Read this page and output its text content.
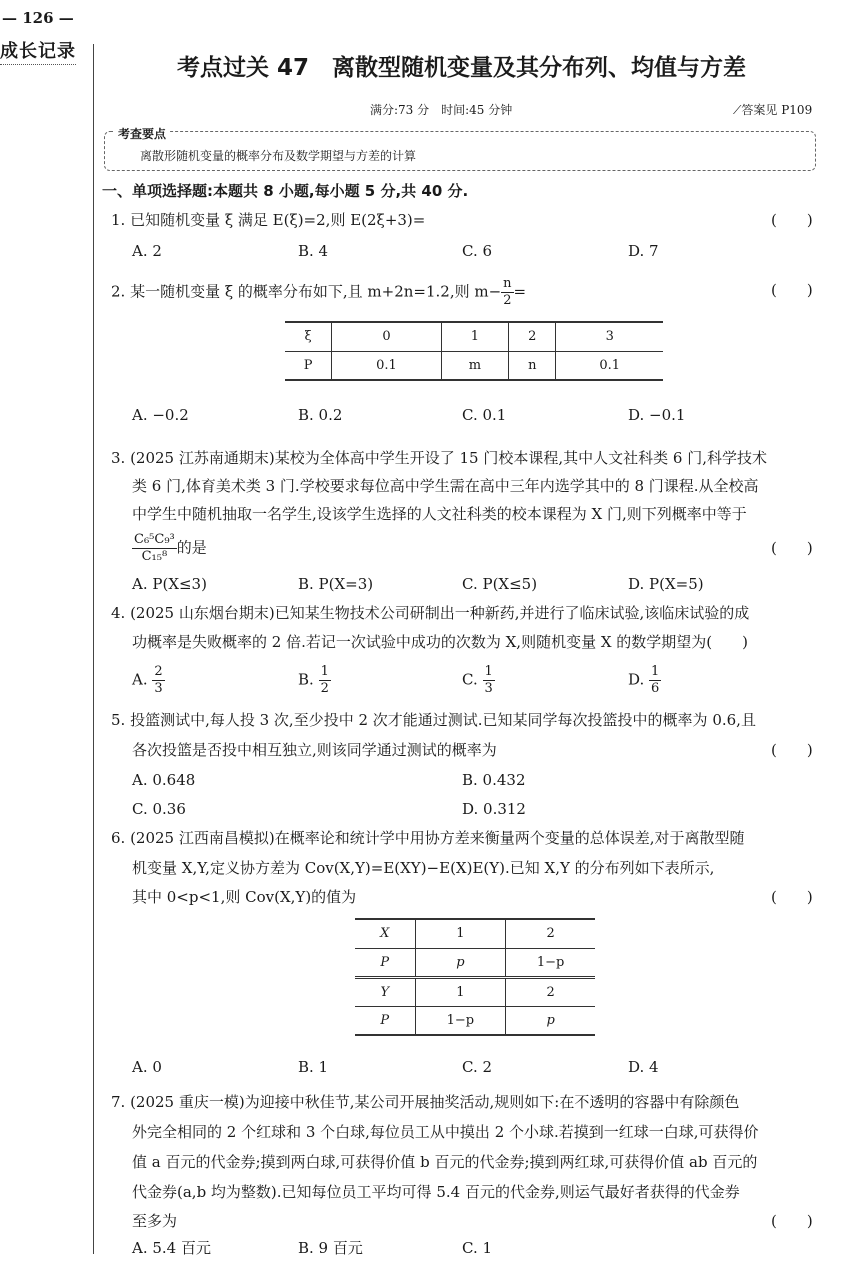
— 126 —
成长记录
考点过关 47　离散型随机变量及其分布列、均值与方差
满分:73 分　时间:45 分钟	⟋答案见 P109
考查要点
离散形随机变量的概率分布及数学期望与方差的计算
一、单项选择题:本题共 8 小题,每小题 5 分,共 40 分.
1. 已知随机变量 ξ 满足 E(ξ)=2,则 E(2ξ+3)=	(　　)
A. 2	B. 4	C. 6	D. 7
2. 某一随机变量 ξ 的概率分布如下,且 m+2n=1.2,则 $m- \frac{n}{2}$ =	(　　)
ξ	0	1	2	3
P	0.1	m	n	0.1
A. −0.2	B. 0.2	C. 0.1	D. −0.1
3. (2025 江苏南通期末)某校为全体高中学生开设了 15 门校本课程,其中人文社科类 6 门,科学技术
类 6 门,体育美术类 3 门.学校要求每位高中学生需在高中三年内选学其中的 8 门课程.从全校高
中学生中随机抽取一名学生,设该学生选择的人文社科类的校本课程为 X 门,则下列概率中等于
$\frac{\text{C₆⁵C₉³}}{\text{C₁₅⁸}}$ 的是	(　　)
A. P(X≤3)	B. P(X=3)	C. P(X≤5)	D. P(X=5)
4. (2025 山东烟台期末)已知某生物技术公司研制出一种新药,并进行了临床试验,该临床试验的成
功概率是失败概率的 2 倍.若记一次试验中成功的次数为 X,则随机变量 X 的数学期望为(　　)
A. $\frac{2}{3}$	B. $\frac{1}{2}$	C. $\frac{1}{3}$	D. $\frac{1}{6}$
5. 投篮测试中,每人投 3 次,至少投中 2 次才能通过测试.已知某同学每次投篮投中的概率为 0.6,且
各次投篮是否投中相互独立,则该同学通过测试的概率为	(　　)
A. 0.648	B. 0.432
C. 0.36	D. 0.312
6. (2025 江西南昌模拟)在概率论和统计学中用协方差来衡量两个变量的总体误差,对于离散型随
机变量 X,Y,定义协方差为 Cov(X,Y)=E(XY)−E(X)E(Y).已知 X,Y 的分布列如下表所示,
其中 0<p<1,则 Cov(X,Y)的值为	(　　)
X	1	2
P	p	1−p
Y	1	2
P	1−p	p
A. 0	B. 1	C. 2	D. 4
7. (2025 重庆一模)为迎接中秋佳节,某公司开展抽奖活动,规则如下:在不透明的容器中有除颜色
外完全相同的 2 个红球和 3 个白球,每位员工从中摸出 2 个小球.若摸到一红球一白球,可获得价
值 a 百元的代金券;摸到两白球,可获得价值 b 百元的代金券;摸到两红球,可获得价值 ab 百元的
代金券(a,b 均为整数).已知每位员工平均可得 5.4 百元的代金券,则运气最好者获得的代金券
至多为	(　　)
A. 5.4 百元	B. 9 百元	C. 1
